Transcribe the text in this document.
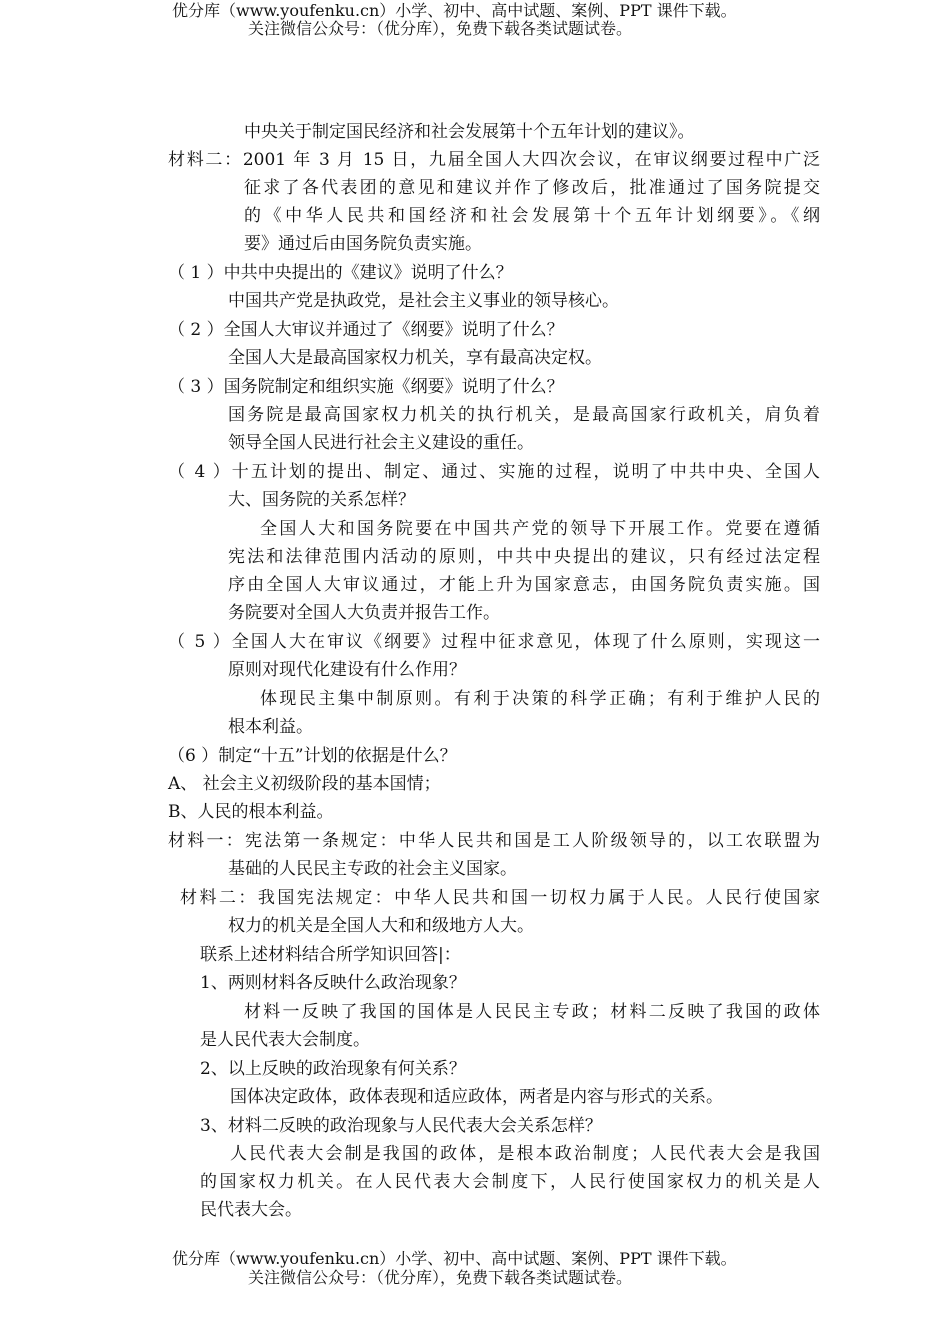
优分库（www.youfenku.cn）小学、初中、高中试题、案例、PPT 课件下载。
关注微信公众号：（优分库），免费下载各类试题试卷。
中央关于制定国民经济和社会发展第十个五年计划的建议》。
材料二：2001 年 3 月 15 日，九届全国人大四次会议，在审议纲要过程中广泛
征求了各代表团的意见和建议并作了修改后，批准通过了国务院提交
的《中华人民共和国经济和社会发展第十个五年计划纲要》。《纲
要》通过后由国务院负责实施。
（ 1 ）中共中央提出的《建议》说明了什么？
中国共产党是执政党，是社会主义事业的领导核心。
（ 2 ）全国人大审议并通过了《纲要》说明了什么？
全国人大是最高国家权力机关，享有最高决定权。
（ 3 ）国务院制定和组织实施《纲要》说明了什么？
国务院是最高国家权力机关的执行机关，是最高国家行政机关，肩负着
领导全国人民进行社会主义建设的重任。
（ 4 ）十五计划的提出、制定、通过、实施的过程，说明了中共中央、全国人
大、国务院的关系怎样？
全国人大和国务院要在中国共产党的领导下开展工作。党要在遵循
宪法和法律范围内活动的原则，中共中央提出的建议，只有经过法定程
序由全国人大审议通过，才能上升为国家意志，由国务院负责实施。国
务院要对全国人大负责并报告工作。
（ 5 ）全国人大在审议《纲要》过程中征求意见，体现了什么原则，实现这一
原则对现代化建设有什么作用？
体现民主集中制原则。有利于决策的科学正确；有利于维护人民的
根本利益。
（6 ）制定“十五”计划的依据是什么？
A、 社会主义初级阶段的基本国情；
B、人民的根本利益。
材料一：宪法第一条规定：中华人民共和国是工人阶级领导的，以工农联盟为
基础的人民民主专政的社会主义国家。
材料二：我国宪法规定：中华人民共和国一切权力属于人民。人民行使国家
权力的机关是全国人大和和级地方人大。
联系上述材料结合所学知识回答|：
1、两则材料各反映什么政治现象？
材料一反映了我国的国体是人民民主专政；材料二反映了我国的政体
是人民代表大会制度。
2、以上反映的政治现象有何关系？
国体决定政体，政体表现和适应政体，两者是内容与形式的关系。
3、材料二反映的政治现象与人民代表大会关系怎样？
人民代表大会制是我国的政体，是根本政治制度；人民代表大会是我国
的国家权力机关。在人民代表大会制度下，人民行使国家权力的机关是人
民代表大会。
优分库（www.youfenku.cn）小学、初中、高中试题、案例、PPT 课件下载。
关注微信公众号：（优分库），免费下载各类试题试卷。
